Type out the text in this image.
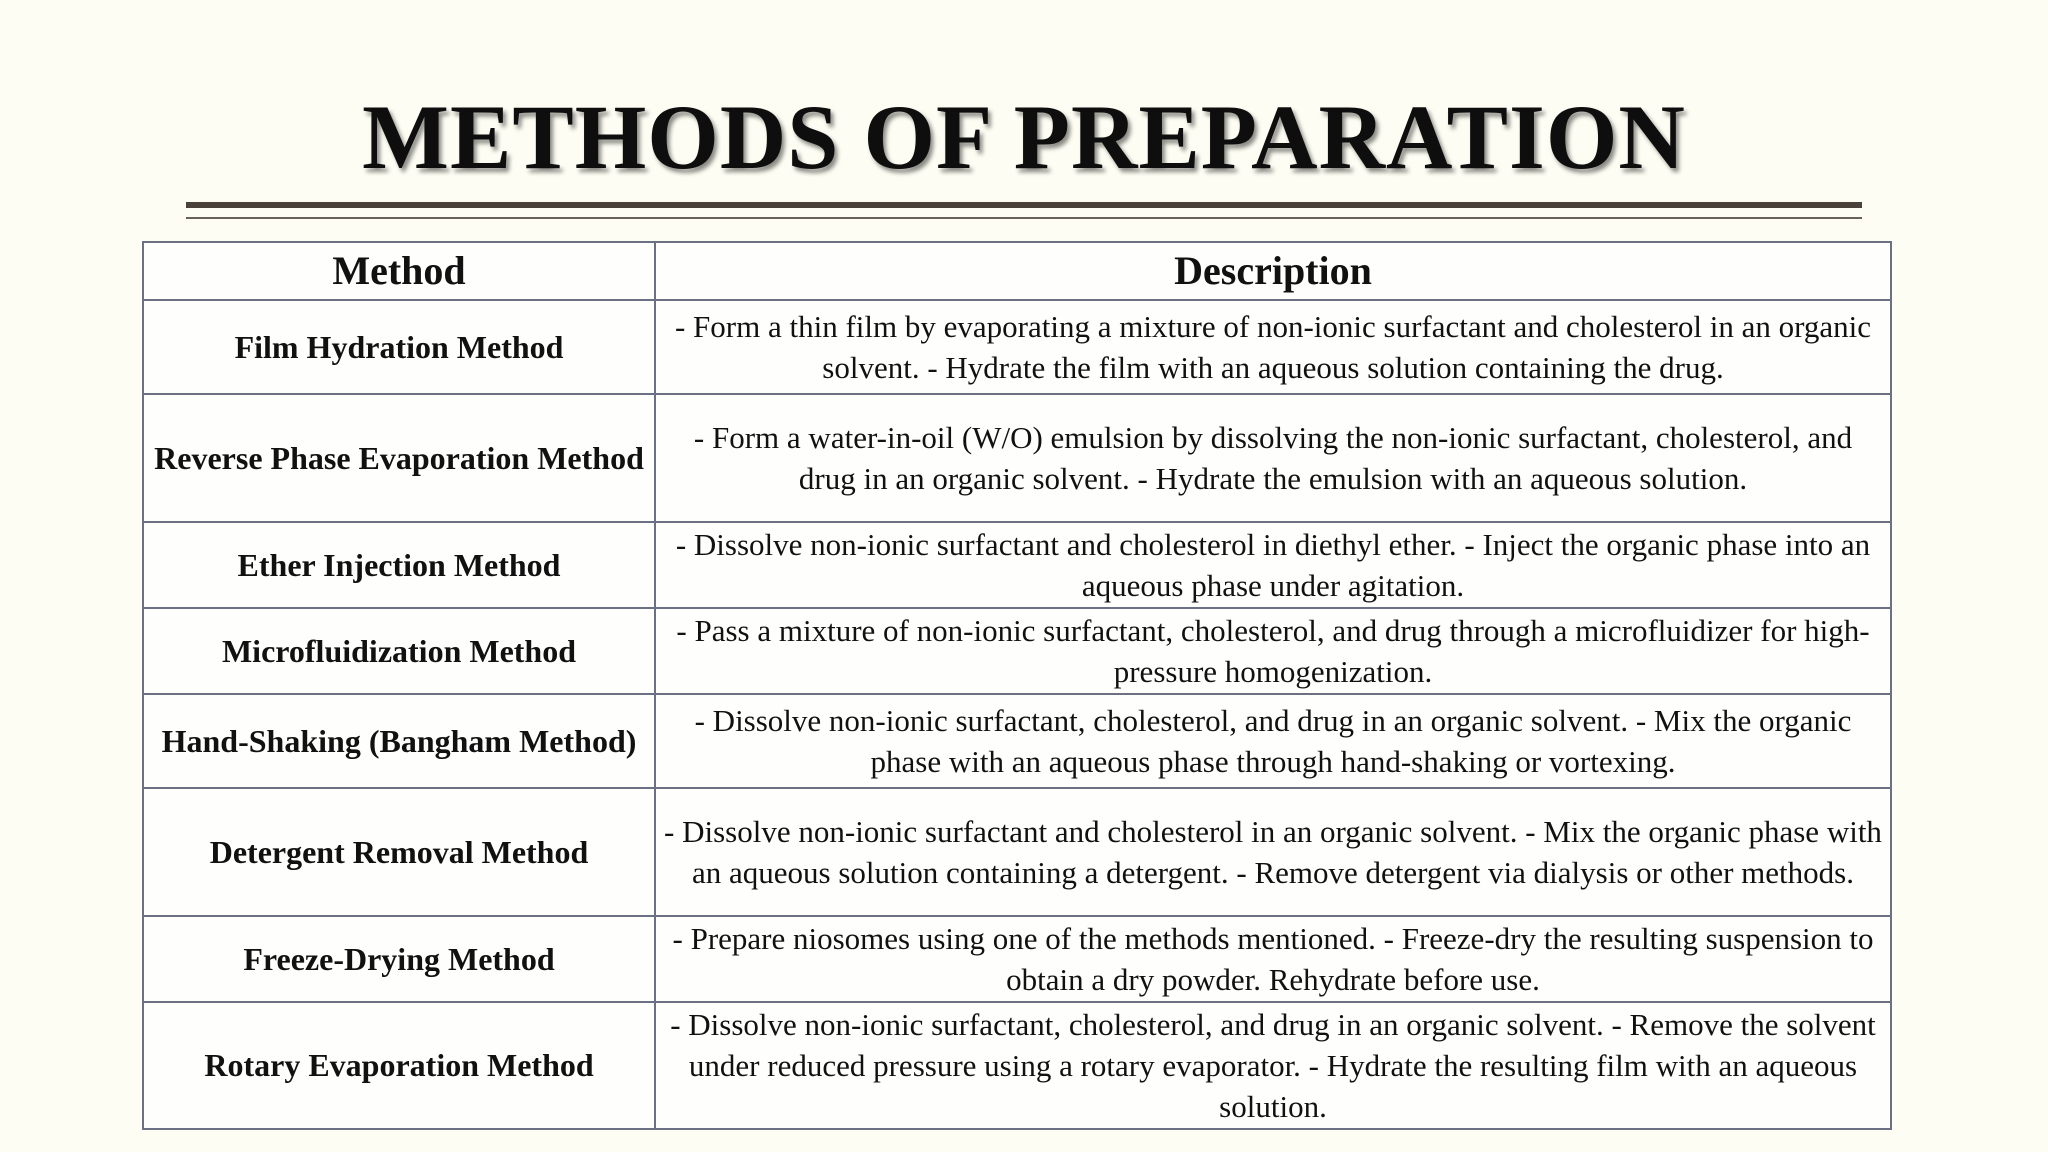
METHODS OF PREPARATION
Method	Description
Film Hydration Method	- Form a thin film by evaporating a mixture of non-ionic surfactant and cholesterol in an organic solvent. - Hydrate the film with an aqueous solution containing the drug.
Reverse Phase Evaporation Method	- Form a water-in-oil (W/O) emulsion by dissolving the non-ionic surfactant, cholesterol, and drug in an organic solvent. - Hydrate the emulsion with an aqueous solution.
Ether Injection Method	- Dissolve non-ionic surfactant and cholesterol in diethyl ether. - Inject the organic phase into an aqueous phase under agitation.
Microfluidization Method	- Pass a mixture of non-ionic surfactant, cholesterol, and drug through a microfluidizer for high-pressure homogenization.
Hand-Shaking (Bangham Method)	- Dissolve non-ionic surfactant, cholesterol, and drug in an organic solvent. - Mix the organic phase with an aqueous phase through hand-shaking or vortexing.
Detergent Removal Method	- Dissolve non-ionic surfactant and cholesterol in an organic solvent. - Mix the organic phase with an aqueous solution containing a detergent. - Remove detergent via dialysis or other methods.
Freeze-Drying Method	- Prepare niosomes using one of the methods mentioned. - Freeze-dry the resulting suspension to obtain a dry powder. Rehydrate before use.
Rotary Evaporation Method	- Dissolve non-ionic surfactant, cholesterol, and drug in an organic solvent. - Remove the solvent under reduced pressure using a rotary evaporator. - Hydrate the resulting film with an aqueous solution.
